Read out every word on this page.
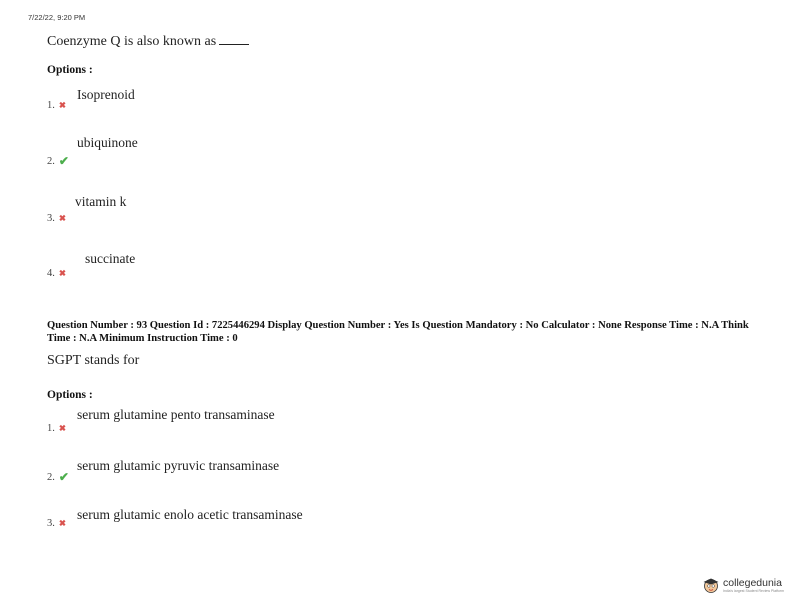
7/22/22, 9:20 PM
Coenzyme Q is also known as
Options :
Isoprenoid
1. ✖
ubiquinone
2. ✔
vitamin k
3. ✖
succinate
4. ✖
Question Number : 93 Question Id : 7225446294 Display Question Number : Yes Is Question Mandatory : No Calculator : None Response Time : N.A Think Time : N.A Minimum Instruction Time : 0
SGPT stands for
Options :
serum glutamine pento transaminase
1. ✖
serum glutamic pyruvic transaminase
2. ✔
serum glutamic enolo acetic transaminase
3. ✖
collegedunia
India's largest Student Review Platform
